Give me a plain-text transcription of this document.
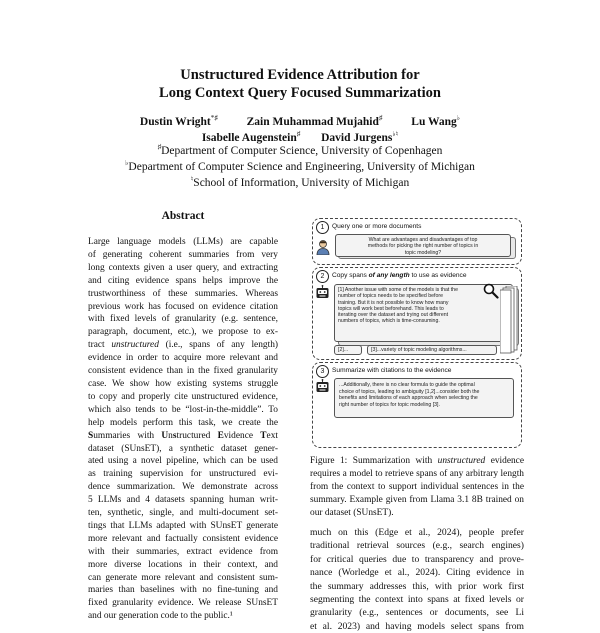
Unstructured Evidence Attribution for
Long Context Query Focused Summarization
Dustin Wright*♯	Zain Muhammad Mujahid♯	Lu Wang♭
Isabelle Augenstein♯ David Jurgens♭♮
♯Department of Computer Science, University of Copenhagen
♭Department of Computer Science and Engineering, University of Michigan
♮School of Information, University of Michigan
Abstract
Large language models (LLMs) are capable
of generating coherent summaries from very
long contexts given a user query, and extracting
and citing evidence spans helps improve the
trustworthiness of these summaries. Whereas
previous work has focused on evidence citation
with fixed levels of granularity (e.g. sentence,
paragraph, document, etc.), we propose to ex-
tract unstructured (i.e., spans of any length)
evidence in order to acquire more relevant and
consistent evidence than in the fixed granularity
case. We show how existing systems struggle
to copy and properly cite unstructured evidence,
which also tends to be “lost-in-the-middle”. To
help models perform this task, we create the
Summaries with Unstructured Evidence Text
dataset (SUnsET), a synthetic dataset gener-
ated using a novel pipeline, which can be used
as training supervision for unstructured evi-
dence summarization. We demonstrate across
5 LLMs and 4 datasets spanning human writ-
ten, synthetic, single, and multi-document set-
tings that LLMs adapted with SUnsET generate
more relevant and factually consistent evidence
with their summaries, extract evidence from
more diverse locations in their context, and
can generate more relevant and consistent sum-
maries than baselines with no fine-tuning and
fixed granularity evidence. We release SUnsET
and our generation code to the public.¹
1	Query one or more documents
What are advantages and disadvantages of top
methods for picking the right number of topics in
topic modeling?
2	Copy spans of any length to use as evidence
[1] Another issue with some of the models is that the
number of topics needs to be specified before
training. But it is not possible to know how many
topics will work best beforehand. This leads to
iterating over the dataset and trying out different
numbers of topics, which is time-consuming.
[2]...	[3]...variety of topic modeling algorithms...
3	Summarize with citations to the evidence
...Additionally, there is no clear formula to guide the optimal
choice of topics, leading to ambiguity [1,2]...consider both the
benefits and limitations of each approach when selecting the
right number of topics for topic modeling [3].
Figure 1: Summarization with unstructured evidence
requires a model to retrieve spans of any arbitrary length
from the context to support individual sentences in the
summary. Example given from Llama 3.1 8B trained on
our dataset (SUnsET).
much on this (Edge et al., 2024), people prefer
traditional retrieval sources (e.g., search engines)
for critical queries due to transparency and prove-
nance (Worledge et al., 2024). Citing evidence in
the summary addresses this, with prior work first
segmenting the context into spans at fixed levels or
granularity (e.g., sentences or documents, see Li
et al. 2023) and having models select spans from
